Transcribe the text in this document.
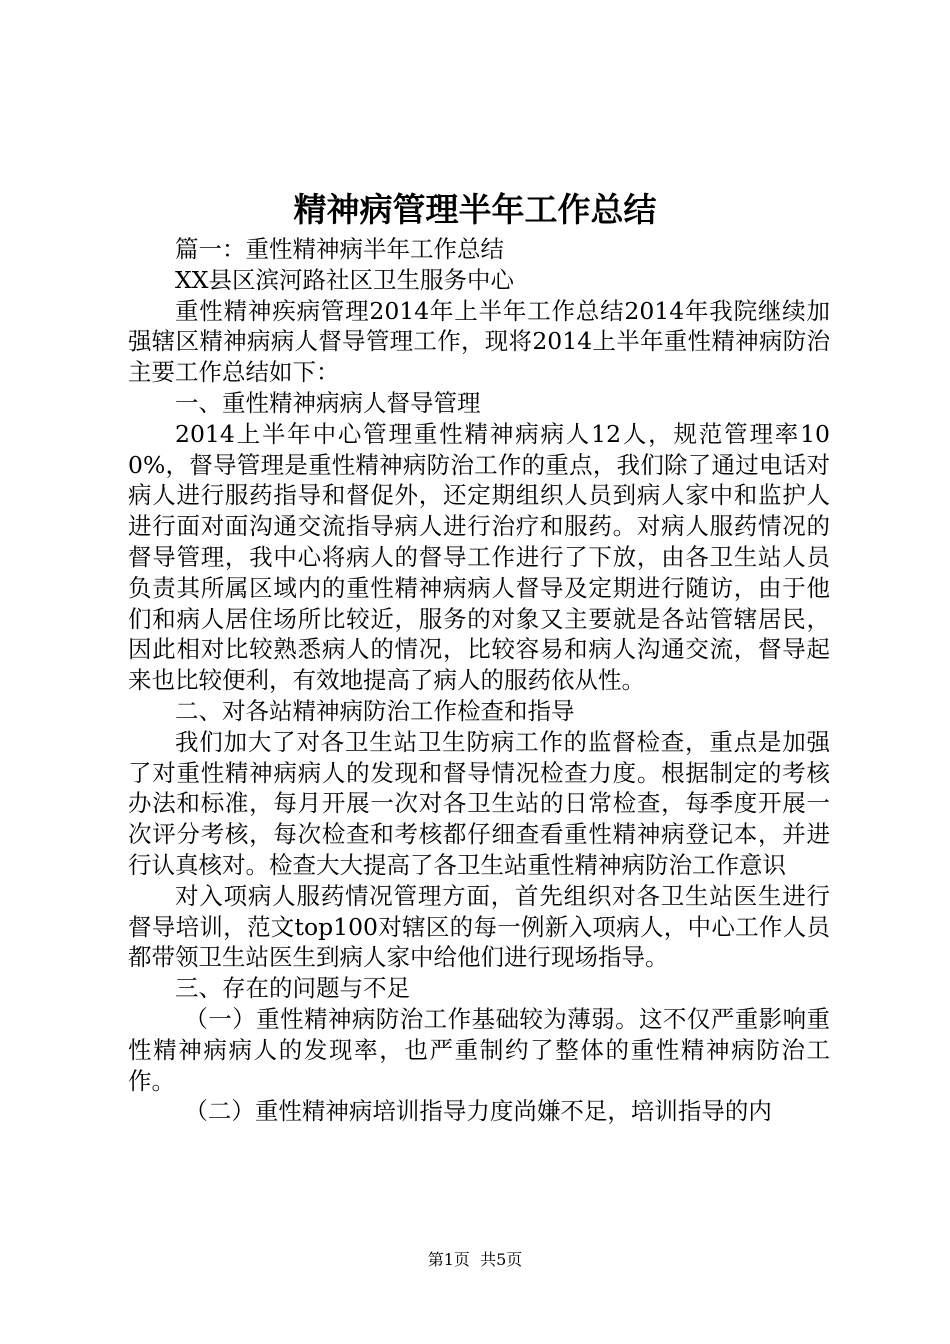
精神病管理半年工作总结

篇一：重性精神病半年工作总结

XX县区滨河路社区卫生服务中心

重性精神疾病管理2014年上半年工作总结2014年我院继续加强辖区精神病病人督导管理工作，现将2014上半年重性精神病防治主要工作总结如下：

一、重性精神病病人督导管理

2014上半年中心管理重性精神病病人12人，规范管理率100%，督导管理是重性精神病防治工作的重点，我们除了通过电话对病人进行服药指导和督促外，还定期组织人员到病人家中和监护人进行面对面沟通交流指导病人进行治疗和服药。对病人服药情况的督导管理，我中心将病人的督导工作进行了下放，由各卫生站人员负责其所属区域内的重性精神病病人督导及定期进行随访，由于他们和病人居住场所比较近，服务的对象又主要就是各站管辖居民，因此相对比较熟悉病人的情况，比较容易和病人沟通交流，督导起来也比较便利，有效地提高了病人的服药依从性。

二、对各站精神病防治工作检查和指导

我们加大了对各卫生站卫生防病工作的监督检查，重点是加强了对重性精神病病人的发现和督导情况检查力度。根据制定的考核办法和标准，每月开展一次对各卫生站的日常检查，每季度开展一次评分考核，每次检查和考核都仔细查看重性精神病登记本，并进行认真核对。检查大大提高了各卫生站重性精神病防治工作意识

对入项病人服药情况管理方面，首先组织对各卫生站医生进行督导培训，范文top100对辖区的每一例新入项病人，中心工作人员都带领卫生站医生到病人家中给他们进行现场指导。

三、存在的问题与不足

（一）重性精神病防治工作基础较为薄弱。这不仅严重影响重性精神病病人的发现率，也严重制约了整体的重性精神病防治工作。

（二）重性精神病培训指导力度尚嫌不足，培训指导的内

第1页  共5页
